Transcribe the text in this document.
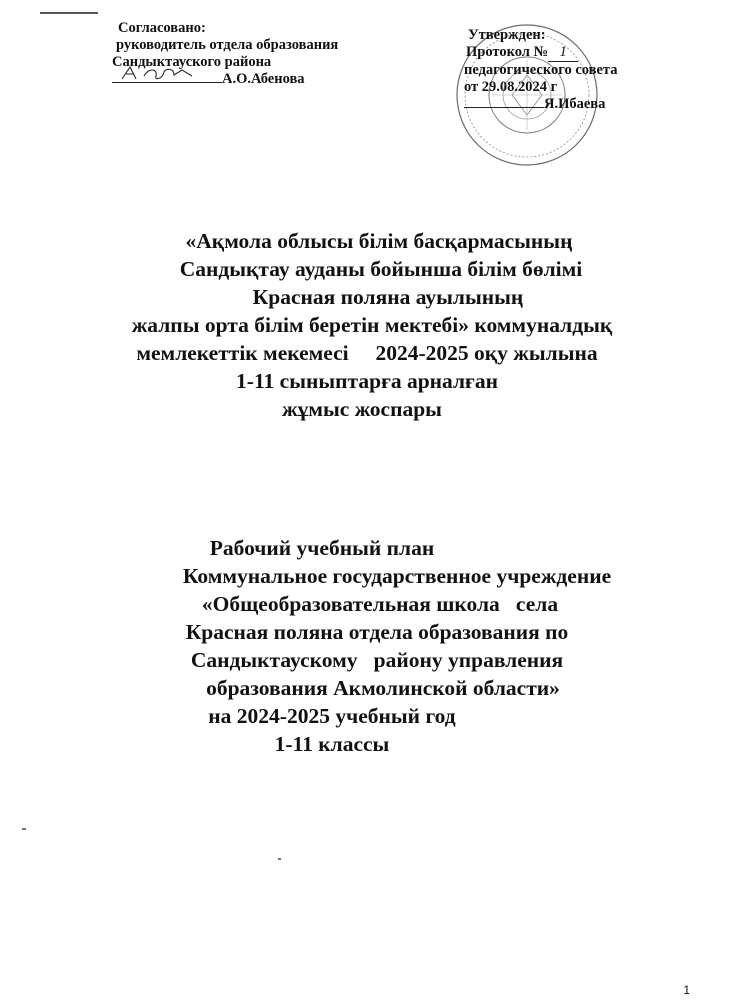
Согласовано:
руководитель отдела образования
Сандыктауского района
А.О.Абенова
Утвержден:
Протокол № 1
педагогического совета
от 29.08.2024 г
Я.Ибаева
«Ақмола облысы білім басқармасының
Сандықтау ауданы бойынша білім бөлімі
Красная поляна ауылының
жалпы орта білім беретін мектебі» коммуналдық
мемлекеттік мекемесі     2024-2025 оқу жылына
1-11 сыныптарға арналған
жұмыс жоспары
Рабочий учебный план
Коммунальное государственное учреждение
«Общеобразовательная школа   села
Красная поляна отдела образования по
Сандыктаускому   району управления
образования Акмолинской области»
на 2024-2025 учебный год
1-11 классы
1
